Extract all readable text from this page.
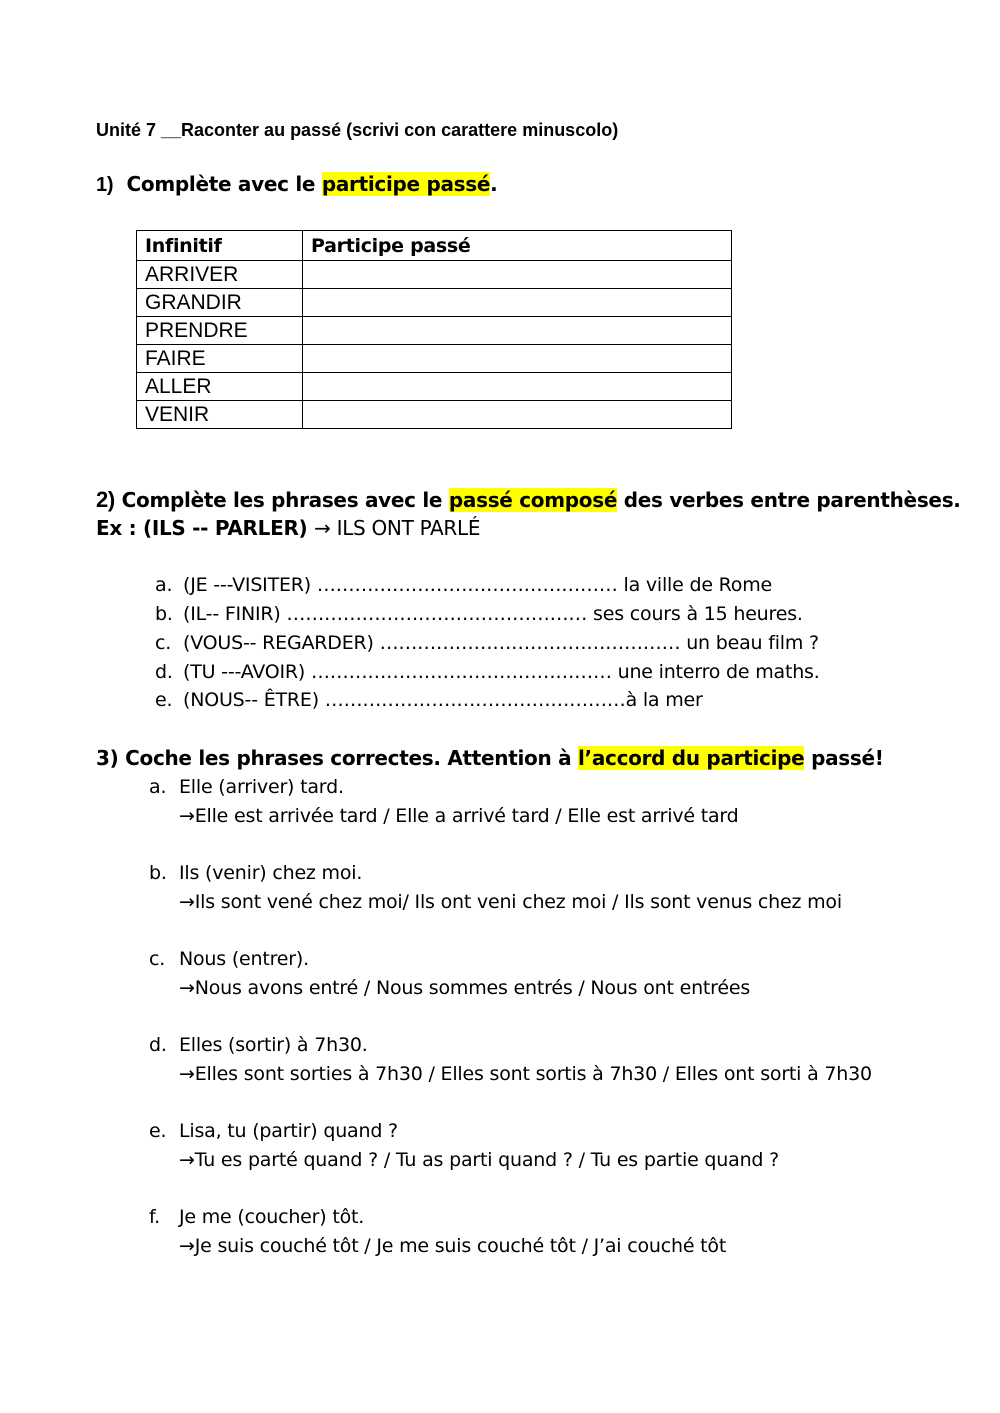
Unité 7 __Raconter au passé (scrivi con carattere minuscolo)
1) Complète avec le participe passé.
Infinitif	Participe passé
ARRIVER	
GRANDIR	
PRENDRE	
FAIRE	
ALLER	
VENIR	
2) Complète les phrases avec le passé composé des verbes entre parenthèses.
Ex : (ILS -- PARLER) → ILS ONT PARLÉ
a. (JE ---VISITER) ………………………………………… la ville de Rome
b. (IL-- FINIR) ………………………………………… ses cours à 15 heures.
c. (VOUS-- REGARDER) ………………………………………… un beau film ?
d. (TU ---AVOIR) ………………………………………… une interro de maths.
e. (NOUS-- ÊTRE) …………………………………………à la mer
3) Coche les phrases correctes. Attention à l’accord du participe passé!
a. Elle (arriver) tard.
→Elle est arrivée tard / Elle a arrivé tard / Elle est arrivé tard
b. Ils (venir) chez moi.
→Ils sont vené chez moi/ Ils ont veni chez moi / Ils sont venus chez moi
c. Nous (entrer).
→Nous avons entré / Nous sommes entrés / Nous ont entrées
d. Elles (sortir) à 7h30.
→Elles sont sorties à 7h30 / Elles sont sortis à 7h30 / Elles ont sorti à 7h30
e. Lisa, tu (partir) quand ?
→Tu es parté quand ? / Tu as parti quand ? / Tu es partie quand ?
f. Je me (coucher) tôt.
→Je suis couché tôt / Je me suis couché tôt / J’ai couché tôt
